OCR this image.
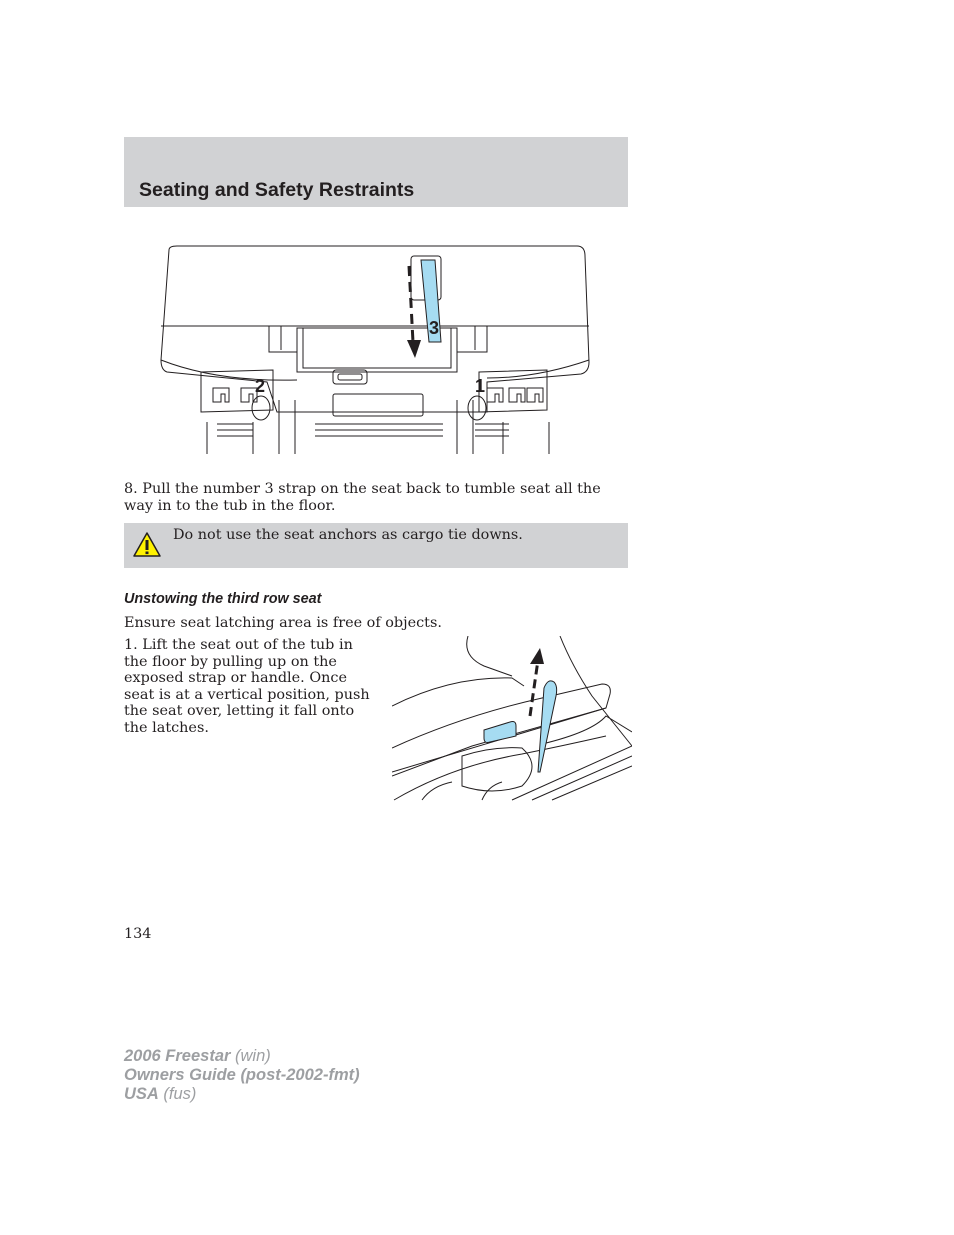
Seating and Safety Restraints
2	1
3
8. Pull the number 3 strap on the seat back to tumble seat all the way in to the tub in the floor.
Do not use the seat anchors as cargo tie downs.
Unstowing the third row seat
Ensure seat latching area is free of objects.
1. Lift the seat out of the tub in the floor by pulling up on the exposed strap or handle. Once seat is at a vertical position, push the seat over, letting it fall onto the latches.
134
2006 Freestar (win)
Owners Guide (post-2002-fmt)
USA (fus)
